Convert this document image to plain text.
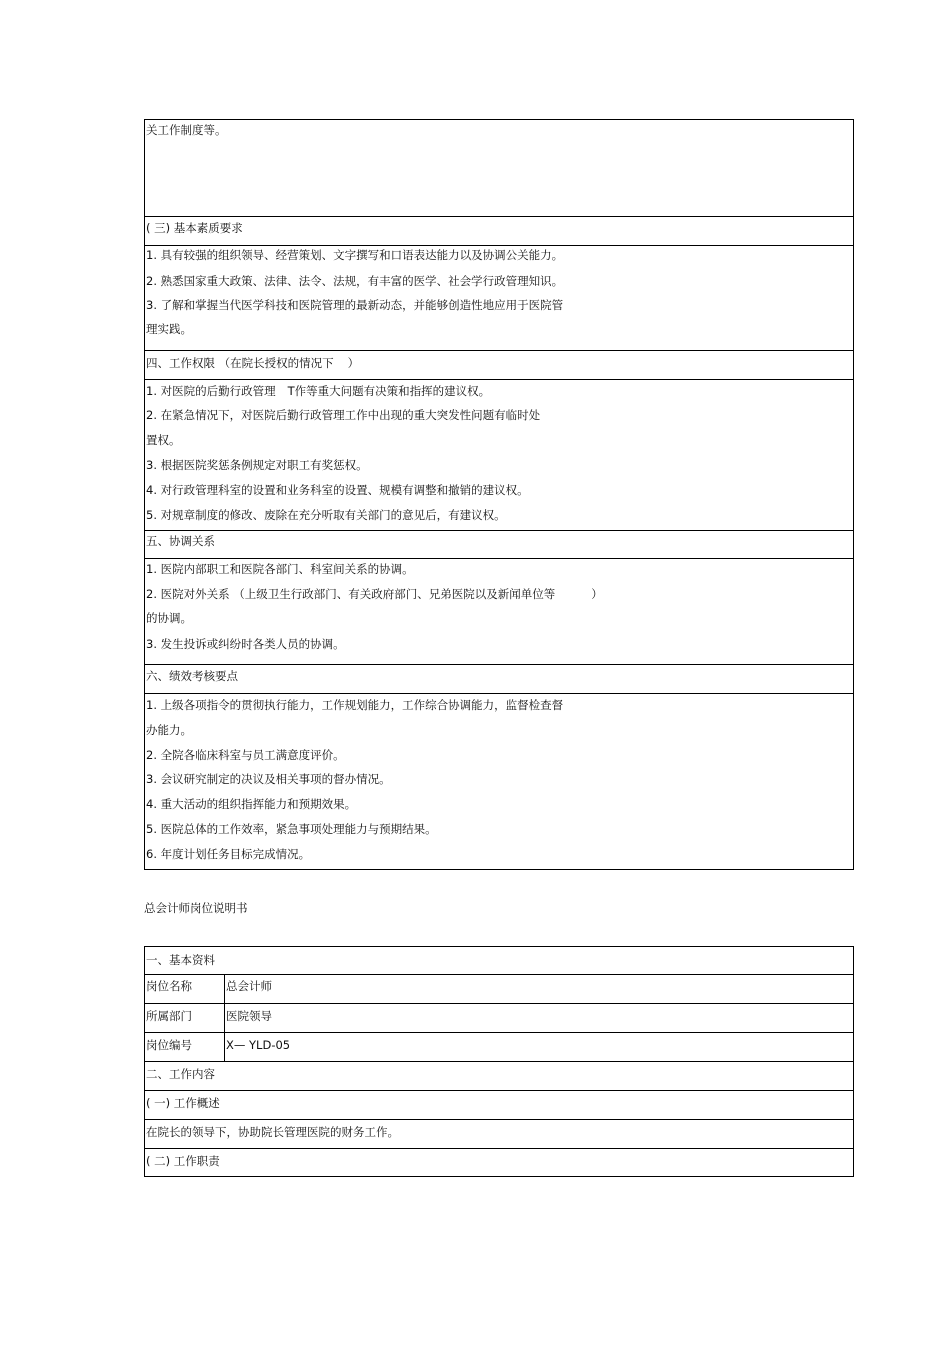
关工作制度等。
( 三) 基本素质要求
1. 具有较强的组织领导、经营策划、文字撰写和口语表达能力以及协调公关能力。
2. 熟悉国家重大政策、法律、法令、法规，有丰富的医学、社会学行政管理知识。
3. 了解和掌握当代医学科技和医院管理的最新动态，并能够创造性地应用于医院管
理实践。
四、工作权限 （在院长授权的情况下 ）
1. 对医院的后勤行政管理 T作等重大问题有决策和指挥的建议权。
2. 在紧急情况下，对医院后勤行政管理工作中出现的重大突发性问题有临时处
置权。
3. 根据医院奖惩条例规定对职工有奖惩权。
4. 对行政管理科室的设置和业务科室的设置、规模有调整和撤销的建议权。
5. 对规章制度的修改、废除在充分听取有关部门的意见后，有建议权。
五、协调关系
1. 医院内部职工和医院各部门、科室间关系的协调。
2. 医院对外关系 （上级卫生行政部门、有关政府部门、兄弟医院以及新闻单位等	）
的协调。
3. 发生投诉或纠纷时各类人员的协调。
六、绩效考核要点
1. 上级各项指令的贯彻执行能力，工作规划能力，工作综合协调能力，监督检查督
办能力。
2. 全院各临床科室与员工满意度评价。
3. 会议研究制定的决议及相关事项的督办情况。
4. 重大活动的组织指挥能力和预期效果。
5. 医院总体的工作效率，紧急事项处理能力与预期结果。
6. 年度计划任务目标完成情况。
总会计师岗位说明书
一、基本资料
岗位名称	总会计师
所属部门	医院领导
岗位编号	X— YLD-05
二、工作内容
( 一) 工作概述
在院长的领导下，协助院长管理医院的财务工作。
( 二) 工作职责
